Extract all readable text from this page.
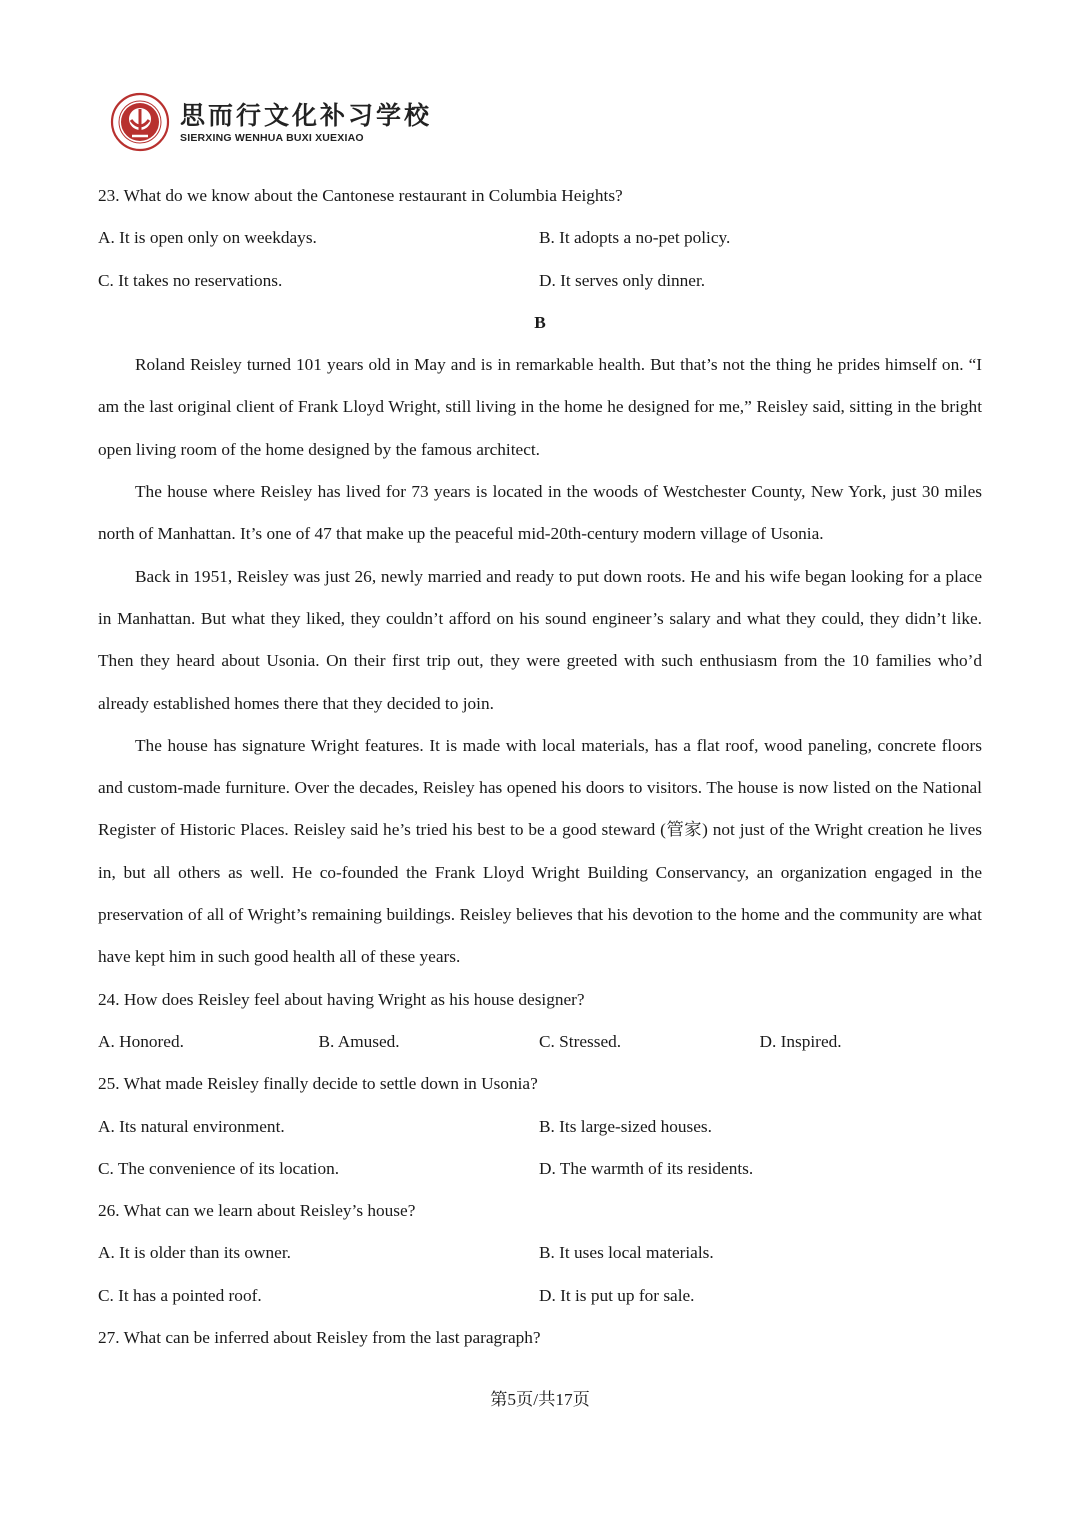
思而行文化补习学校
SIERXING WENHUA BUXI XUEXIAO
23. What do we know about the Cantonese restaurant in Columbia Heights?
A. It is open only on weekdays.	B. It adopts a no-pet policy.
C. It takes no reservations.	D. It serves only dinner.
B
Roland Reisley turned 101 years old in May and is in remarkable health. But that’s not the thing he prides himself on. “I am the last original client of Frank Lloyd Wright, still living in the home he designed for me,” Reisley said, sitting in the bright open living room of the home designed by the famous architect.
The house where Reisley has lived for 73 years is located in the woods of Westchester County, New York, just 30 miles north of Manhattan. It’s one of 47 that make up the peaceful mid-20th-century modern village of Usonia.
Back in 1951, Reisley was just 26, newly married and ready to put down roots. He and his wife began looking for a place in Manhattan. But what they liked, they couldn’t afford on his sound engineer’s salary and what they could, they didn’t like. Then they heard about Usonia. On their first trip out, they were greeted with such enthusiasm from the 10 families who’d already established homes there that they decided to join.
The house has signature Wright features. It is made with local materials, has a flat roof, wood paneling, concrete floors and custom-made furniture. Over the decades, Reisley has opened his doors to visitors. The house is now listed on the National Register of Historic Places. Reisley said he’s tried his best to be a good steward (管家) not just of the Wright creation he lives in, but all others as well. He co-founded the Frank Lloyd Wright Building Conservancy, an organization engaged in the preservation of all of Wright’s remaining buildings. Reisley believes that his devotion to the home and the community are what have kept him in such good health all of these years.
24. How does Reisley feel about having Wright as his house designer?
A. Honored.	B. Amused.	C. Stressed.	D. Inspired.
25. What made Reisley finally decide to settle down in Usonia?
A. Its natural environment.	B. Its large-sized houses.
C. The convenience of its location.	D. The warmth of its residents.
26. What can we learn about Reisley’s house?
A. It is older than its owner.	B. It uses local materials.
C. It has a pointed roof.	D. It is put up for sale.
27. What can be inferred about Reisley from the last paragraph?
第5页/共17页
